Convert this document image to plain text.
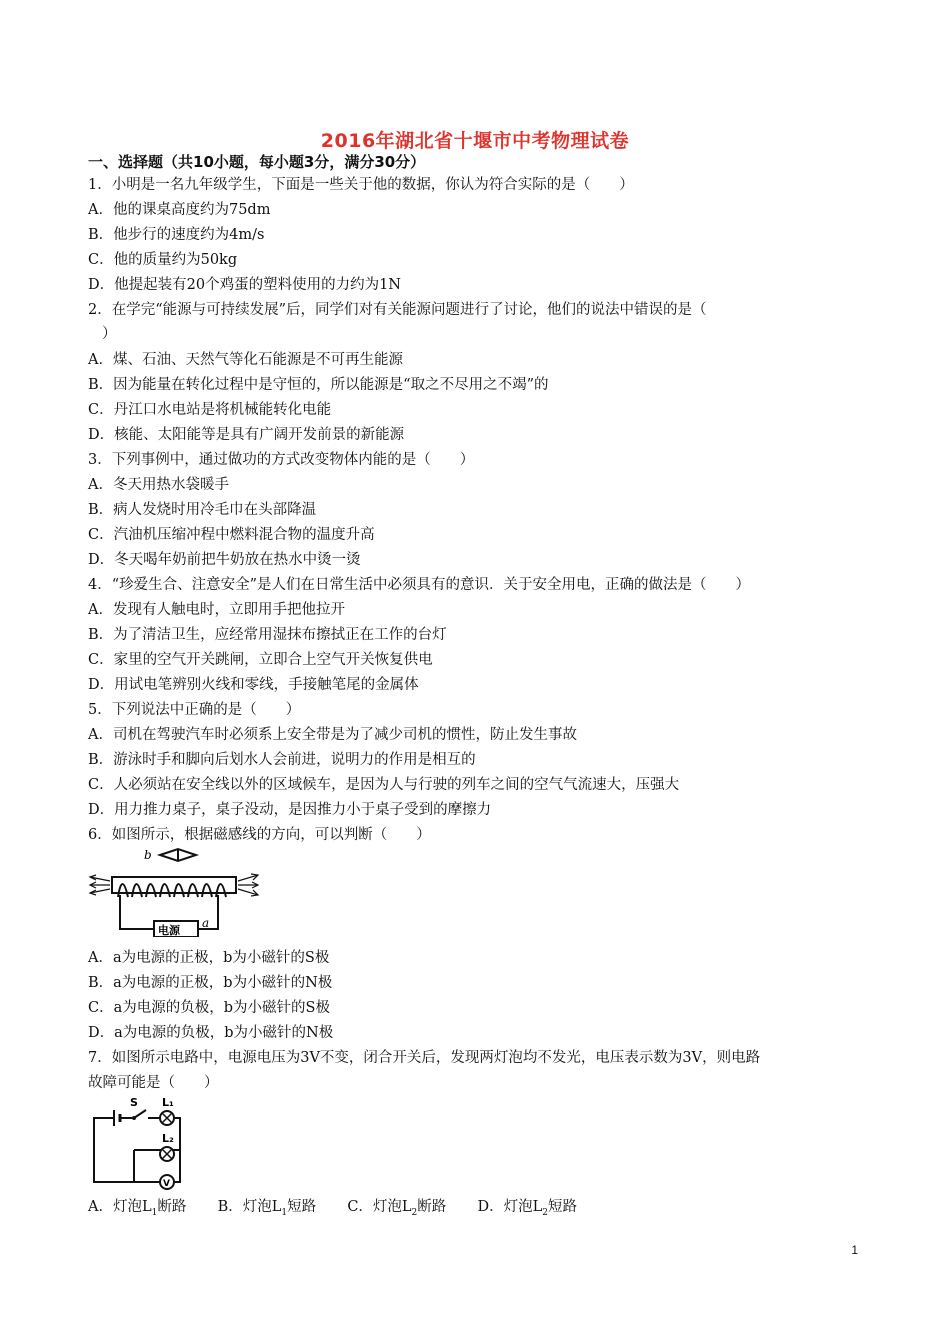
2016年湖北省十堰市中考物理试卷
一、选择题（共10小题，每小题3分，满分30分）
1．小明是一名九年级学生，下面是一些关于他的数据，你认为符合实际的是（　　）
A．他的课桌高度约为75dm
B．他步行的速度约为4m/s
C．他的质量约为50kg
D．他提起装有20个鸡蛋的塑料使用的力约为1N
2．在学完“能源与可持续发展”后，同学们对有关能源问题进行了讨论，他们的说法中错误的是（
）
A．煤、石油、天然气等化石能源是不可再生能源
B．因为能量在转化过程中是守恒的，所以能源是“取之不尽用之不竭”的
C．丹江口水电站是将机械能转化电能
D．核能、太阳能等是具有广阔开发前景的新能源
3．下列事例中，通过做功的方式改变物体内能的是（　　）
A．冬天用热水袋暖手
B．病人发烧时用冷毛巾在头部降温
C．汽油机压缩冲程中燃料混合物的温度升高
D．冬天喝年奶前把牛奶放在热水中烫一烫
4．“珍爱生合、注意安全”是人们在日常生活中必须具有的意识．关于安全用电，正确的做法是（　　）
A．发现有人触电时，立即用手把他拉开
B．为了清洁卫生，应经常用湿抹布擦拭正在工作的台灯
C．家里的空气开关跳闸，立即合上空气开关恢复供电
D．用试电笔辨别火线和零线，手接触笔尾的金属体
5．下列说法中正确的是（　　）
A．司机在驾驶汽车时必须系上安全带是为了减少司机的惯性，防止发生事故
B．游泳时手和脚向后划水人会前进，说明力的作用是相互的
C．人必须站在安全线以外的区域候车，是因为人与行驶的列车之间的空气气流速大，压强大
D．用力推力桌子，桌子没动，是因推力小于桌子受到的摩擦力
6．如图所示，根据磁感线的方向，可以判断（　　）
b
电源
a
A．a为电源的正极，b为小磁针的S极
B．a为电源的正极，b为小磁针的N极
C．a为电源的负极，b为小磁针的S极
D．a为电源的负极，b为小磁针的N极
7．如图所示电路中，电源电压为3V不变，闭合开关后，发现两灯泡均不发光，电压表示数为3V，则电路
故障可能是（　　）
S L₁
L₂
V
A．灯泡$L_1$断路 B．灯泡$L_1$短路 C．灯泡$L_2$断路 D．灯泡$L_2$短路
1
